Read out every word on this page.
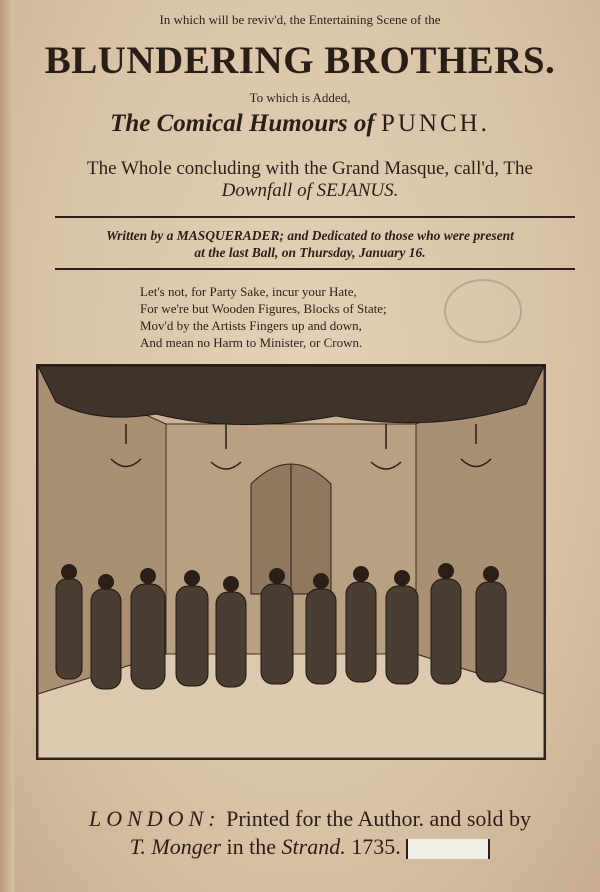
In which will be reviv'd, the Entertaining Scene of the
BLUNDERING BROTHERS.
To which is Added,
The Comical Humours of PUNCH.
The Whole concluding with the Grand Masque, call'd, The
Downfall of SEJANUS.
Written by a MASQUERADER; and Dedicated to those who were present
at the last Ball, on Thursday, January 16.
Let's not, for Party Sake, incur your Hate,
For we're but Wooden Figures, Blocks of State;
Mov'd by the Artists Fingers up and down,
And mean no Harm to Minister, or Crown.
LONDON: Printed for the Author. and sold by
T. Monger in the Strand. 1735.
